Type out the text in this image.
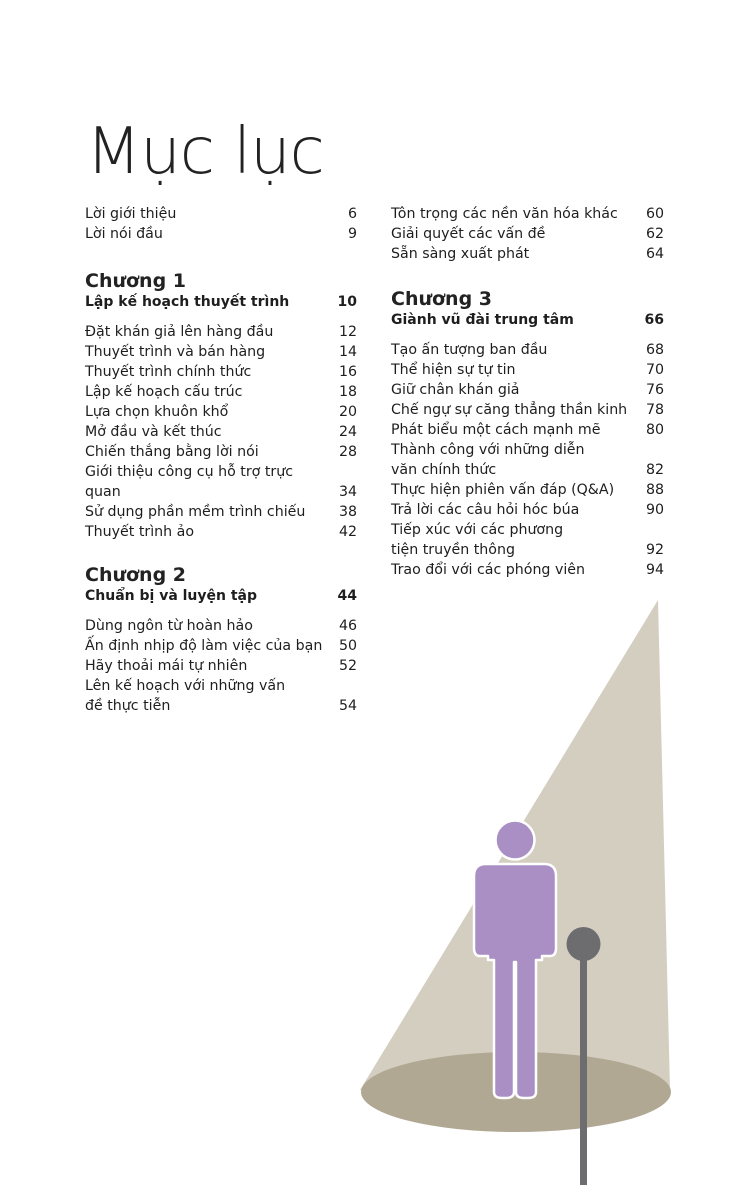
Mục lục
Lời giới thiệu	6
Lời nói đầu	9
Chương 1
Lập kế hoạch thuyết trình	10
Đặt khán giả lên hàng đầu	12
Thuyết trình và bán hàng	14
Thuyết trình chính thức	16
Lập kế hoạch cấu trúc	18
Lựa chọn khuôn khổ	20
Mở đầu và kết thúc	24
Chiến thắng bằng lời nói	28
Giới thiệu công cụ hỗ trợ trực quan	34
Sử dụng phần mềm trình chiếu	38
Thuyết trình ảo	42
Chương 2
Chuẩn bị và luyện tập	44
Dùng ngôn từ hoàn hảo	46
Ấn định nhịp độ làm việc của bạn	50
Hãy thoải mái tự nhiên	52
Lên kế hoạch với những vấn đề thực tiễn	54
Tôn trọng các nền văn hóa khác	60
Giải quyết các vấn đề	62
Sẵn sàng xuất phát	64
Chương 3
Giành vũ đài trung tâm	66
Tạo ấn tượng ban đầu	68
Thể hiện sự tự tin	70
Giữ chân khán giả	76
Chế ngự sự căng thẳng thần kinh	78
Phát biểu một cách mạnh mẽ	80
Thành công với những diễn văn chính thức	82
Thực hiện phiên vấn đáp (Q&A)	88
Trả lời các câu hỏi hóc búa	90
Tiếp xúc với các phương tiện truyền thông	92
Trao đổi với các phóng viên	94
